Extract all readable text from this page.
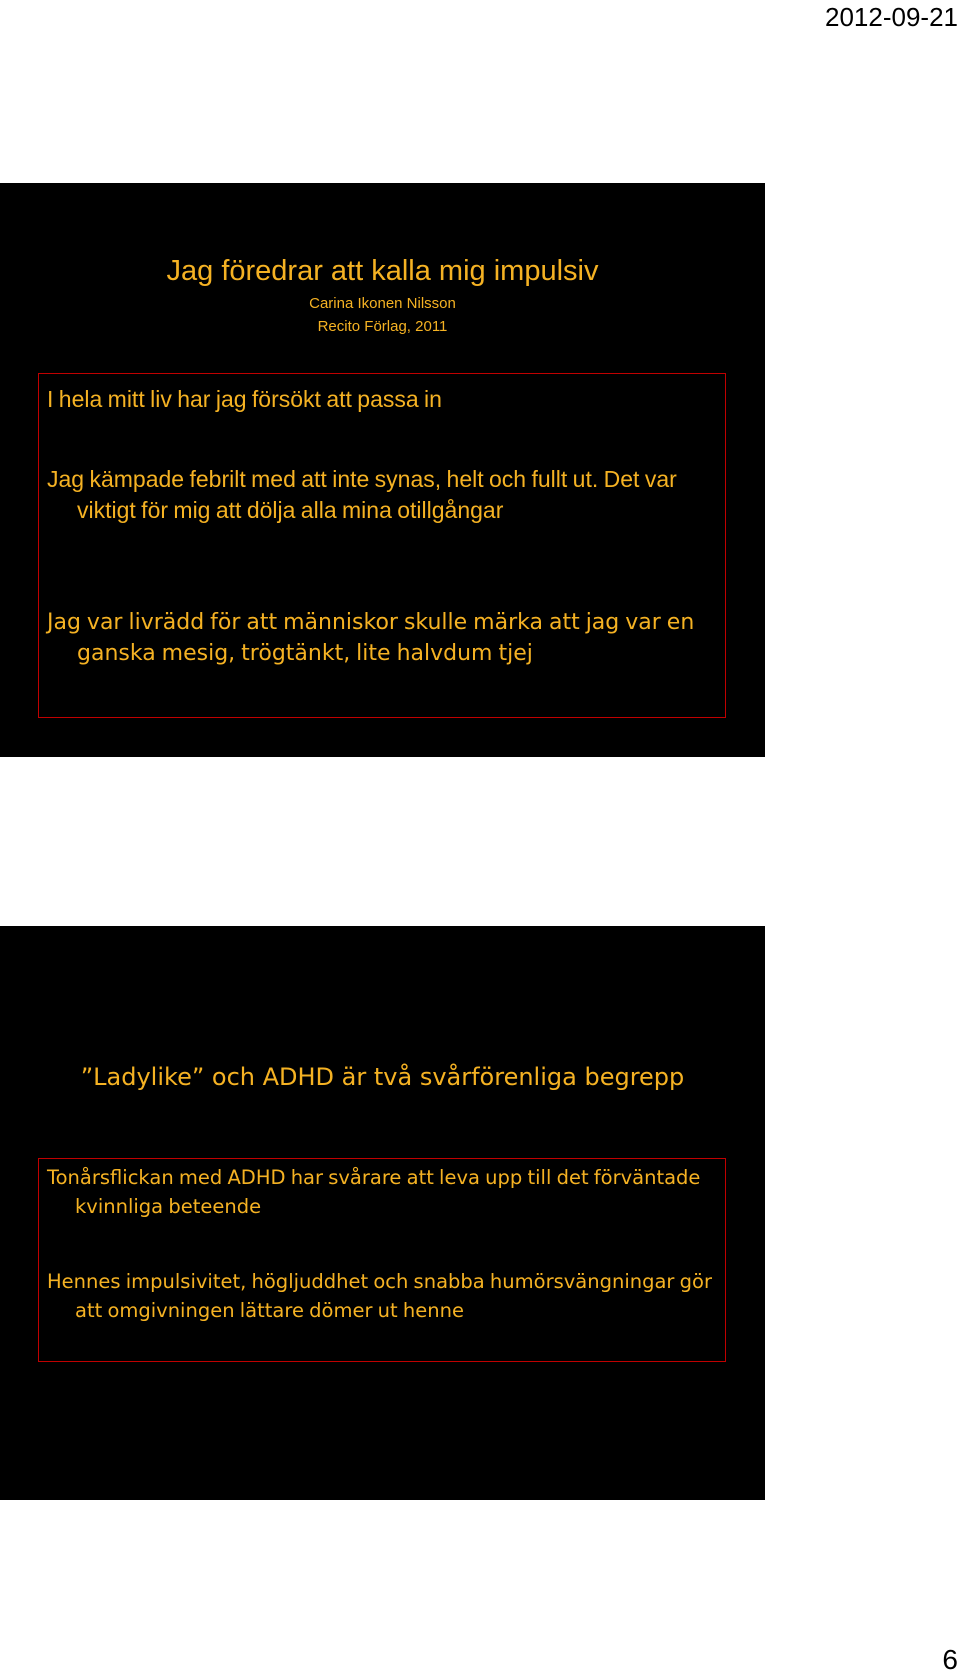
2012-09-21
Jag föredrar att kalla mig impulsiv
Carina Ikonen Nilsson
Recito Förlag, 2011
I hela mitt liv har jag försökt att passa in
Jag kämpade febrilt med att inte synas, helt och fullt ut. Det var viktigt för mig att dölja alla mina otillgångar
Jag var livrädd för att människor skulle märka att jag var en ganska mesig, trögtänkt, lite halvdum tjej
”Ladylike” och ADHD är två svårförenliga begrepp
Tonårsflickan med ADHD har svårare att leva upp till det förväntade kvinnliga beteende
Hennes impulsivitet, högljuddhet och snabba humörsvängningar gör att omgivningen lättare dömer ut henne
6
